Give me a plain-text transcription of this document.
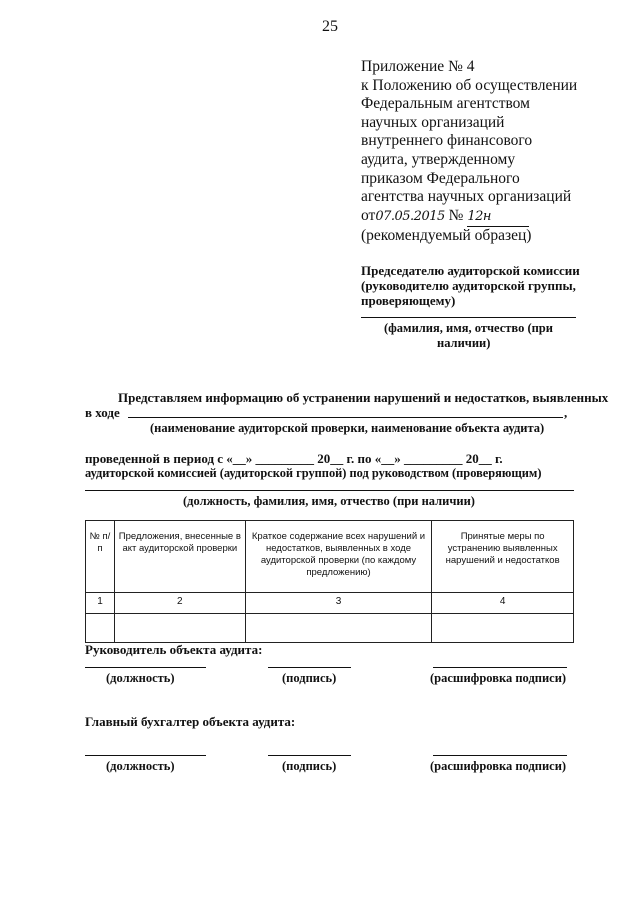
25
Приложение № 4
к Положению об осуществлении
Федеральным агентством
научных организаций
внутреннего финансового
аудита, утвержденному
приказом Федерального
агентства научных организаций
от07.05.2015 № 12н
(рекомендуемый образец)
Председателю аудиторской комиссии
(руководителю аудиторской группы,
проверяющему)
(фамилия, имя, отчество (при
наличии)
Представляем информацию об устранении нарушений и недостатков, выявленных
в ходе	,
(наименование аудиторской проверки, наименование объекта аудита)
проведенной в период с «__» _________ 20__ г. по «__» _________ 20__ г.
аудиторской комиссией (аудиторской группой) под руководством (проверяющим)
(должность, фамилия, имя, отчество (при наличии)
№ п/п	Предложения, внесенные в акт аудиторской проверки	Краткое содержание всех нарушений и недостатков, выявленных в ходе аудиторской проверки (по каждому предложению)	Принятые меры по устранению выявленных нарушений и недостатков
1	2	3	4

Руководитель объекта аудита:
(должность)	(подпись)	(расшифровка подписи)
Главный бухгалтер объекта аудита:
(должность)	(подпись)	(расшифровка подписи)
